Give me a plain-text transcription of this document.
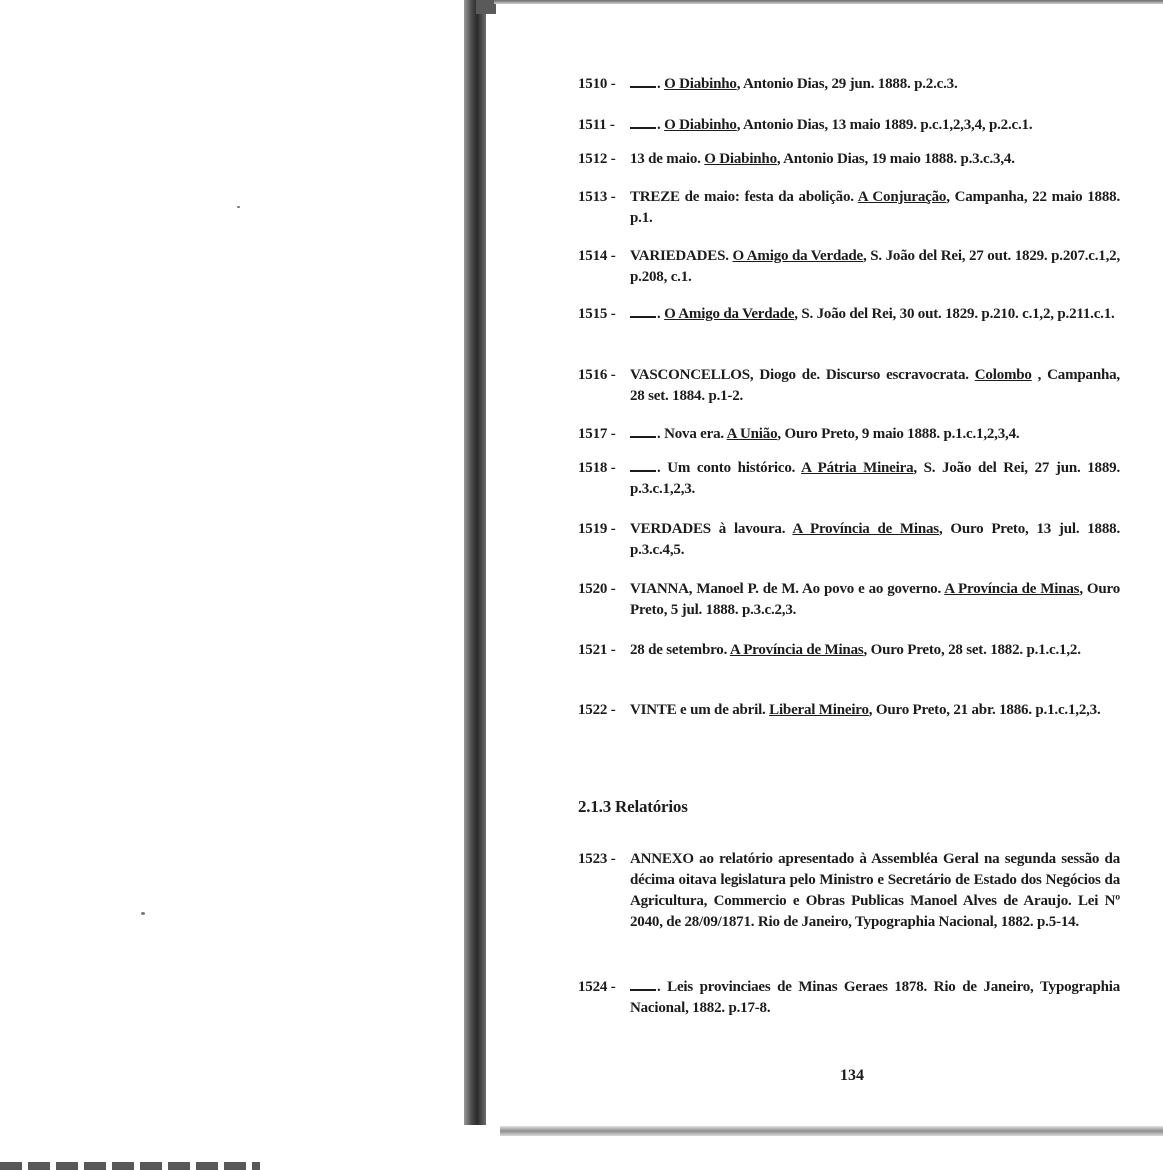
1510 -	. O Diabinho, Antonio Dias, 29 jun. 1888. p.2.c.3.
1511 -	. O Diabinho, Antonio Dias, 13 maio 1889. p.c.1,2,3,4, p.2.c.1.
1512 - 13 de maio. O Diabinho, Antonio Dias, 19 maio 1888. p.3.c.3,4.
1513 - TREZE de maio: festa da abolição. A Conjuração, Campanha, 22 maio 1888. p.1.
1514 - VARIEDADES. O Amigo da Verdade, S. João del Rei, 27 out. 1829. p.207.c.1,2, p.208, c.1.
1515 -	. O Amigo da Verdade, S. João del Rei, 30 out. 1829. p.210. c.1,2, p.211.c.1.
1516 - VASCONCELLOS, Diogo de. Discurso escravocrata. Colombo , Campanha, 28 set. 1884. p.1-2.
1517 -	. Nova era. A União, Ouro Preto, 9 maio 1888. p.1.c.1,2,3,4.
1518 -	. Um conto histórico. A Pátria Mineira, S. João del Rei, 27 jun. 1889. p.3.c.1,2,3.
1519 - VERDADES à lavoura. A Província de Minas, Ouro Preto, 13 jul. 1888. p.3.c.4,5.
1520 - VIANNA, Manoel P. de M. Ao povo e ao governo. A Província de Minas, Ouro Preto, 5 jul. 1888. p.3.c.2,3.
1521 - 28 de setembro. A Província de Minas, Ouro Preto, 28 set. 1882. p.1.c.1,2.
1522 - VINTE e um de abril. Liberal Mineiro, Ouro Preto, 21 abr. 1886. p.1.c.1,2,3.
2.1.3 Relatórios
1523 - ANNEXO ao relatório apresentado à Assembléa Geral na segunda sessão da décima oitava legislatura pelo Ministro e Secretário de Estado dos Negócios da Agricultura, Commercio e Obras Publicas Manoel Alves de Araujo. Lei Nº 2040, de 28/09/1871. Rio de Janeiro, Typographia Nacional, 1882. p.5-14.
1524 -	. Leis provinciaes de Minas Geraes 1878. Rio de Janeiro, Typographia Nacional, 1882. p.17-8.
134
